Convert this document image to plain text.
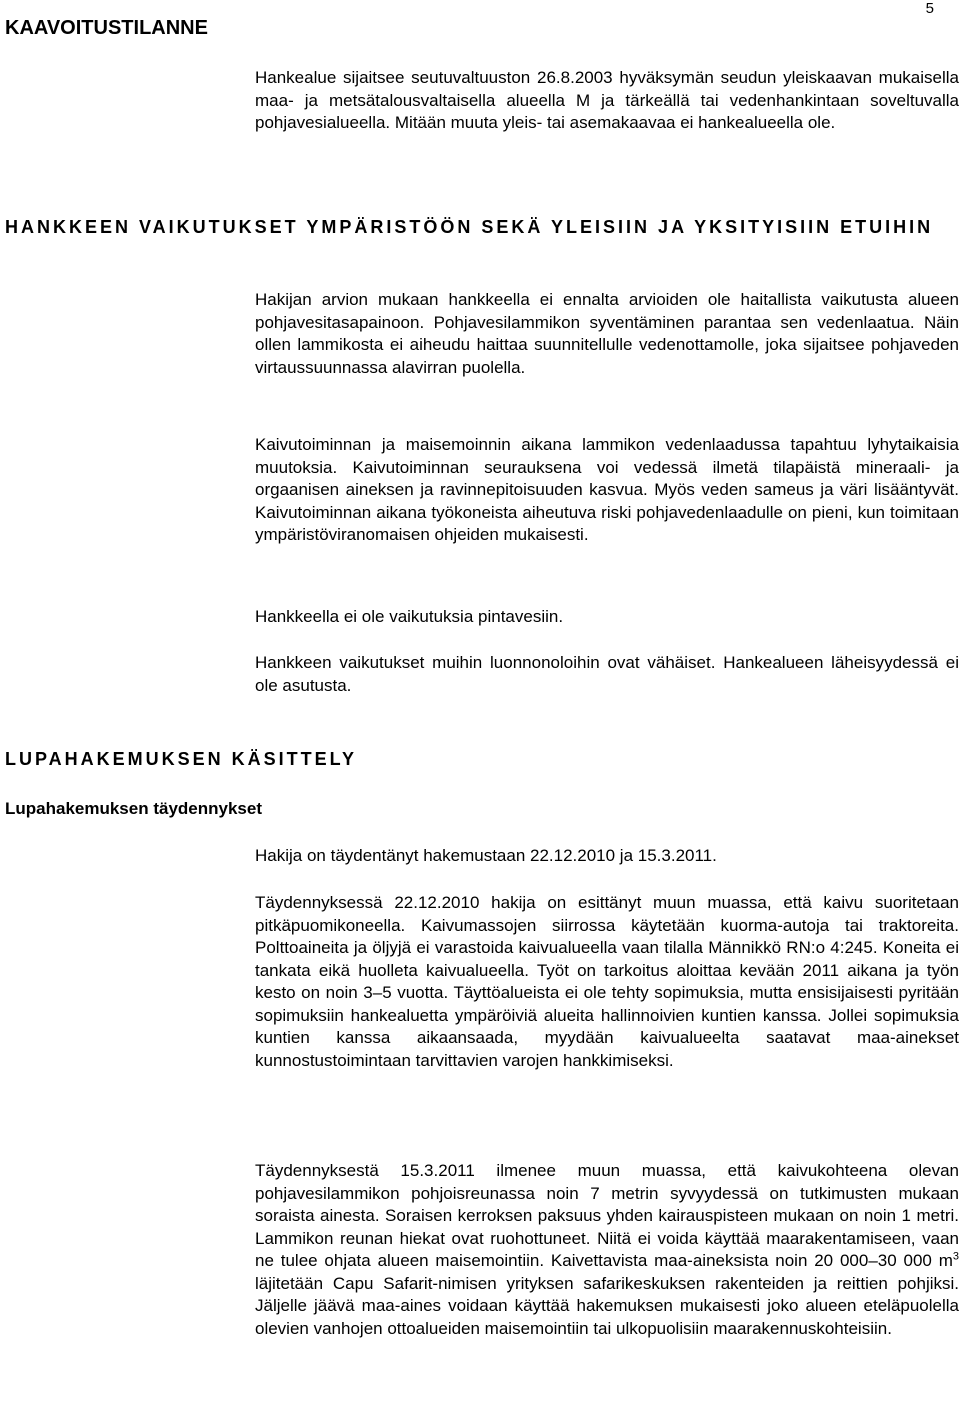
5
KAAVOITUSTILANNE

Hankealue sijaitsee seutuvaltuuston 26.8.2003 hyväksymän seudun yleiskaavan mukaisella maa- ja metsätalousvaltaisella alueella M ja tärkeällä tai vedenhankintaan soveltuvalla pohjavesialueella. Mitään muuta yleis- tai asemakaavaa ei hankealueella ole.

HANKKEEN VAIKUTUKSET YMPÄRISTÖÖN SEKÄ YLEISIIN JA YKSITYISIIN ETUIHIN

Hakijan arvion mukaan hankkeella ei ennalta arvioiden ole haitallista vaikutusta alueen pohjavesitasapainoon. Pohjavesilammikon syventäminen parantaa sen vedenlaatua. Näin ollen lammikosta ei aiheudu haittaa suunnitellulle vedenottamolle, joka sijaitsee pohjaveden virtaussuunnassa alavirran puolella.

Kaivutoiminnan ja maisemoinnin aikana lammikon vedenlaadussa tapahtuu lyhytaikaisia muutoksia. Kaivutoiminnan seurauksena voi vedessä ilmetä tilapäistä mineraali- ja orgaanisen aineksen ja ravinnepitoisuuden kasvua. Myös veden sameus ja väri lisääntyvät. Kaivutoiminnan aikana työkoneista aiheutuva riski pohjavedenlaadulle on pieni, kun toimitaan ympäristöviranomaisen ohjeiden mukaisesti.

Hankkeella ei ole vaikutuksia pintavesiin.

Hankkeen vaikutukset muihin luonnonoloihin ovat vähäiset. Hankealueen läheisyydessä ei ole asutusta.

LUPAHAKEMUKSEN KÄSITTELY
Lupahakemuksen täydennykset

Hakija on täydentänyt hakemustaan 22.12.2010 ja 15.3.2011.

Täydennyksessä 22.12.2010 hakija on esittänyt muun muassa, että kaivu suoritetaan pitkäpuomikoneella. Kaivumassojen siirrossa käytetään kuorma-autoja tai traktoreita. Polttoaineita ja öljyjä ei varastoida kaivualueella vaan tilalla Männikkö RN:o 4:245. Koneita ei tankata eikä huolleta kaivualueella. Työt on tarkoitus aloittaa kevään 2011 aikana ja työn kesto on noin 3–5 vuotta. Täyttöalueista ei ole tehty sopimuksia, mutta ensisijaisesti pyritään sopimuksiin hankealuetta ympäröiviä alueita hallinnoivien kuntien kanssa. Jollei sopimuksia kuntien kanssa aikaansaada, myydään kaivualueelta saatavat maa-ainekset kunnostustoimintaan tarvittavien varojen hankkimiseksi.

Täydennyksestä 15.3.2011 ilmenee muun muassa, että kaivukohteena olevan pohjavesilammikon pohjoisreunassa noin 7 metrin syvyydessä on tutkimusten mukaan soraista ainesta. Soraisen kerroksen paksuus yhden kairauspisteen mukaan on noin 1 metri. Lammikon reunan hiekat ovat ruohottuneet. Niitä ei voida käyttää maarakentamiseen, vaan ne tulee ohjata alueen maisemointiin. Kaivettavista maa-aineksista noin 20 000–30 000 $m^3$ läjitetään Capu Safarit-nimisen yrityksen safarikeskuksen rakenteiden ja reittien pohjiksi. Jäljelle jäävä maa-aines voidaan käyttää hakemuksen mukaisesti joko alueen eteläpuolella olevien vanhojen ottoalueiden maisemointiin tai ulkopuolisiin maarakennuskohteisiin.
